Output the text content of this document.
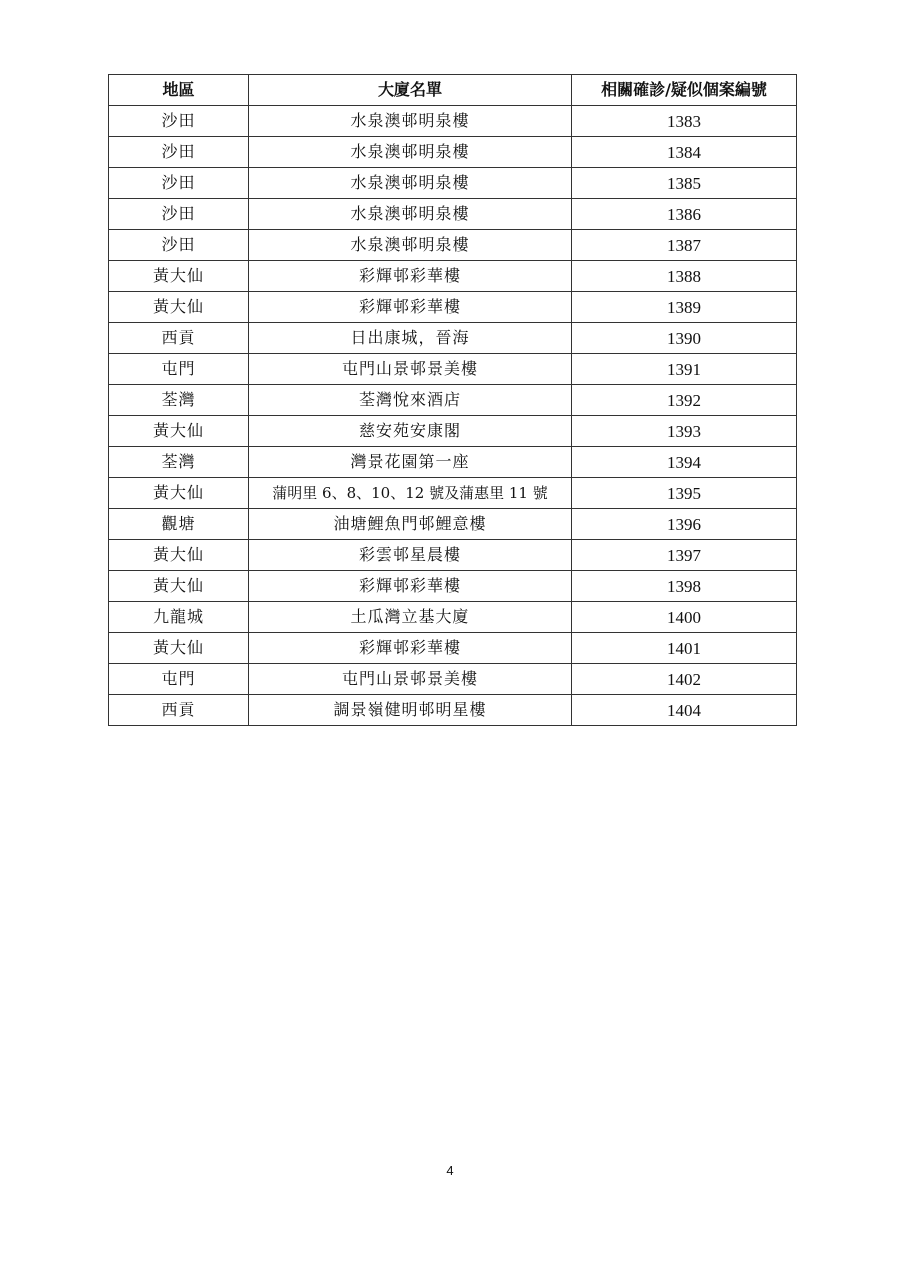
地區	大廈名單	相關確診/疑似個案編號
沙田	水泉澳邨明泉樓	1383
沙田	水泉澳邨明泉樓	1384
沙田	水泉澳邨明泉樓	1385
沙田	水泉澳邨明泉樓	1386
沙田	水泉澳邨明泉樓	1387
黃大仙	彩輝邨彩華樓	1388
黃大仙	彩輝邨彩華樓	1389
西貢	日出康城，晉海	1390
屯門	屯門山景邨景美樓	1391
荃灣	荃灣悅來酒店	1392
黃大仙	慈安苑安康閣	1393
荃灣	灣景花園第一座	1394
黃大仙	蒲明里 6、8、10、12 號及蒲惠里 11 號	1395
觀塘	油塘鯉魚門邨鯉意樓	1396
黃大仙	彩雲邨星晨樓	1397
黃大仙	彩輝邨彩華樓	1398
九龍城	土瓜灣立基大廈	1400
黃大仙	彩輝邨彩華樓	1401
屯門	屯門山景邨景美樓	1402
西貢	調景嶺健明邨明星樓	1404
4
